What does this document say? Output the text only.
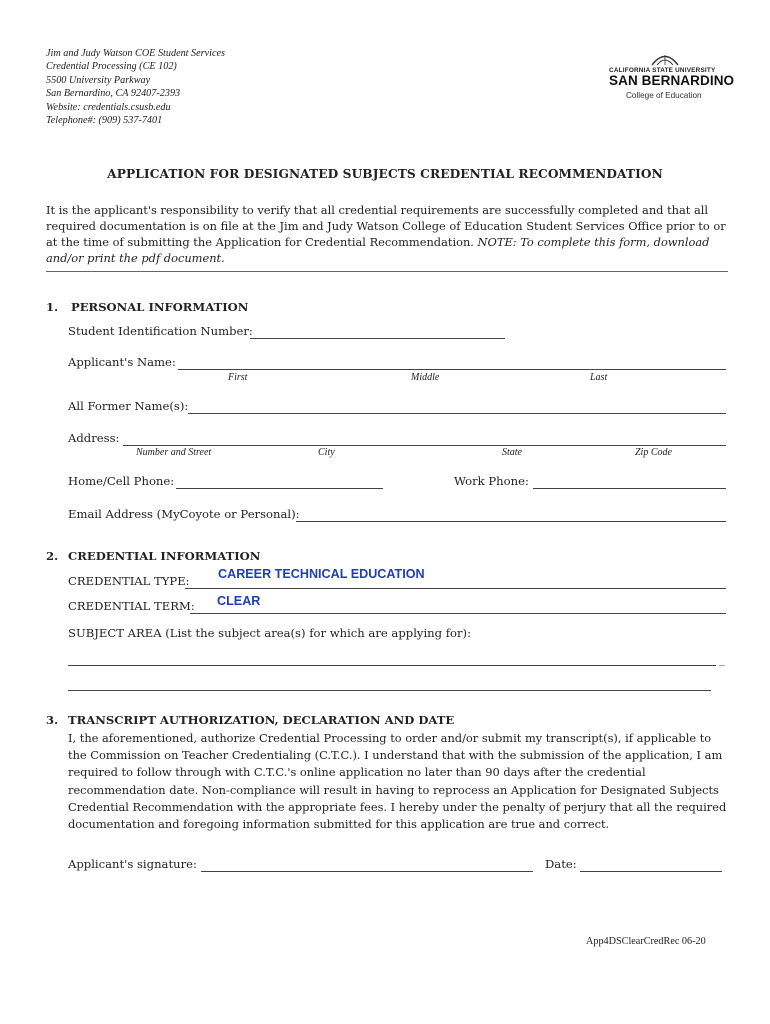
Jim and Judy Watson COE Student Services
Credential Processing (CE 102)
5500 University Parkway
San Bernardino, CA 92407-2393
Website: credentials.csusb.edu
Telephone#: (909) 537-7401
CALIFORNIA STATE UNIVERSITY
SAN BERNARDINO
College of Education
APPLICATION FOR DESIGNATED SUBJECTS CREDENTIAL RECOMMENDATION
It is the applicant's responsibility to verify that all credential requirements are successfully completed and that all required documentation is on file at the Jim and Judy Watson College of Education Student Services Office prior to or at the time of submitting the Application for Credential Recommendation. NOTE: To complete this form, download and/or print the pdf document.
1. PERSONAL INFORMATION
Student Identification Number:
Applicant's Name:
First	Middle	Last
All Former Name(s):
Address:
Number and Street	City	State	Zip Code
Home/Cell Phone:	Work Phone:
Email Address (MyCoyote or Personal):
2. CREDENTIAL INFORMATION
CREDENTIAL TYPE: CAREER TECHNICAL EDUCATION
CREDENTIAL TERM: CLEAR
SUBJECT AREA (List the subject area(s) for which are applying for):
_
3. TRANSCRIPT AUTHORIZATION, DECLARATION AND DATE
I, the aforementioned, authorize Credential Processing to order and/or submit my transcript(s), if applicable to the Commission on Teacher Credentialing (C.T.C.). I understand that with the submission of the application, I am required to follow through with C.T.C.'s online application no later than 90 days after the credential recommendation date. Non-compliance will result in having to reprocess an Application for Designated Subjects Credential Recommendation with the appropriate fees. I hereby under the penalty of perjury that all the required documentation and foregoing information submitted for this application are true and correct.
Applicant's signature:	Date:
App4DSClearCredRec 06-20
